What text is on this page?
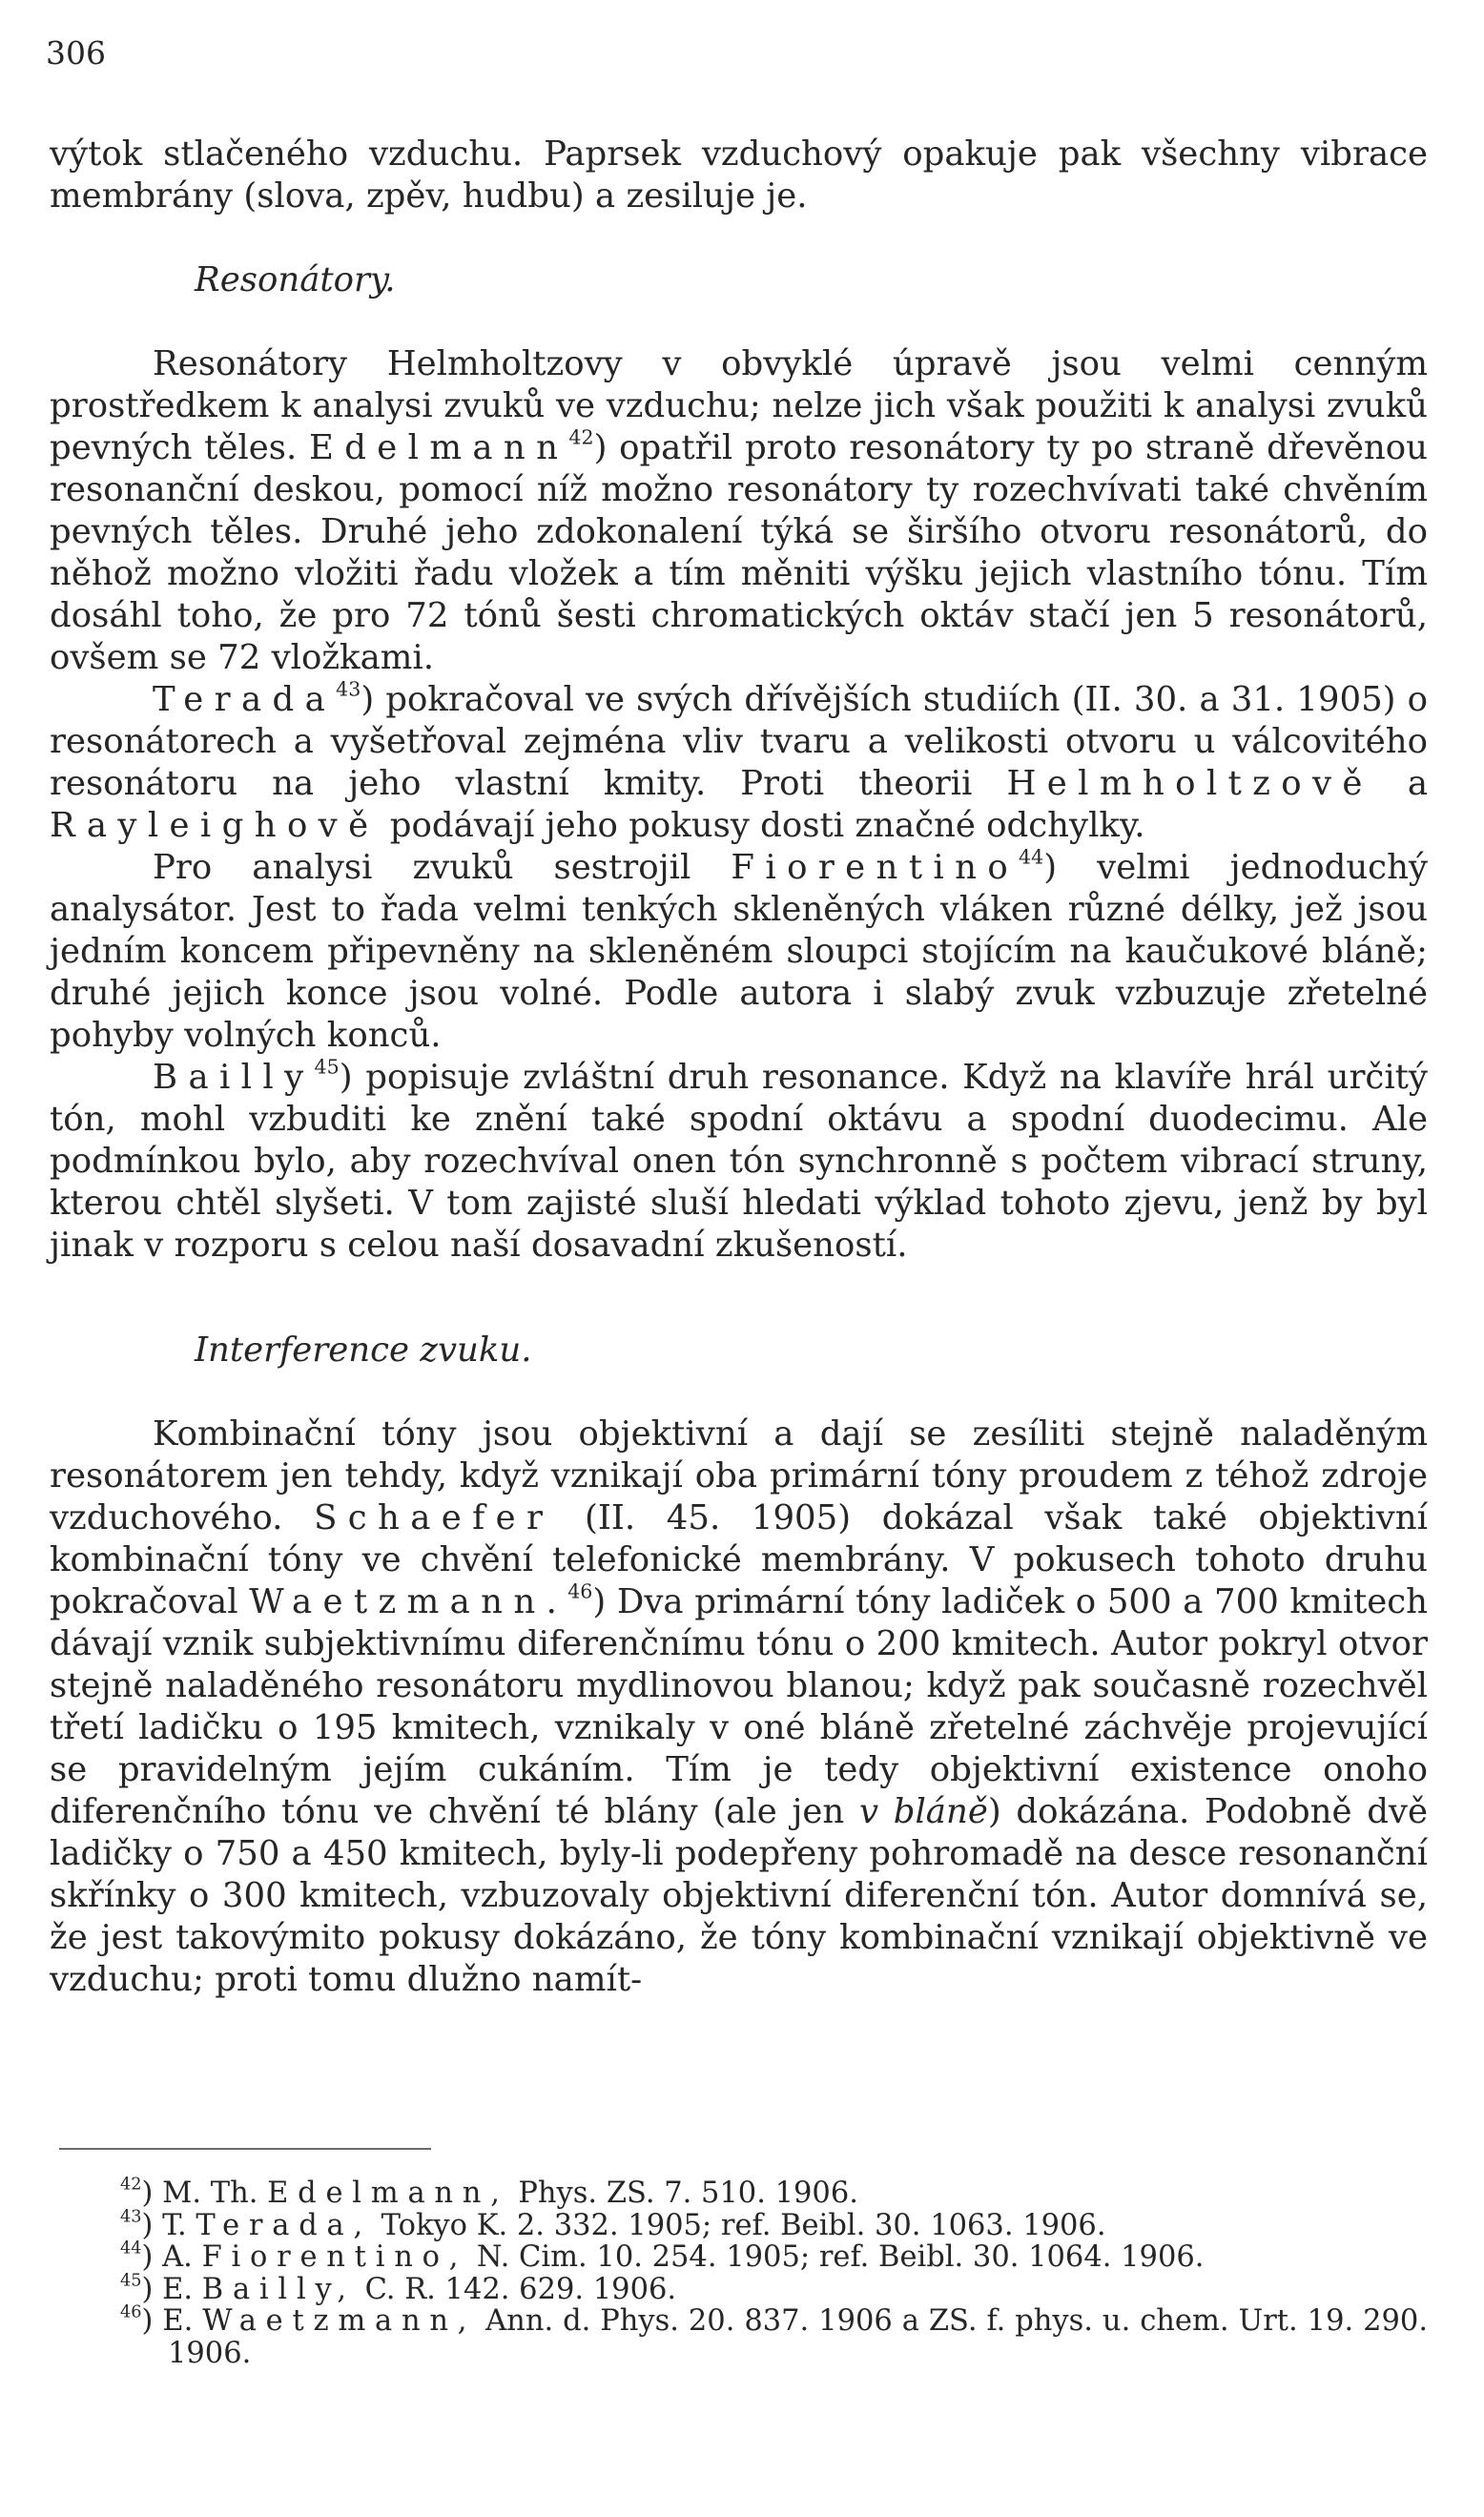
306

výtok stlačeného vzduchu. Paprsek vzduchový opakuje pak všechny vibrace membrány (slova, zpěv, hudbu) a zesiluje je.

Resonátory.

Resonátory Helmholtzovy v obvyklé úpravě jsou velmi cenným prostředkem k analysi zvuků ve vzduchu; nelze jich však použiti k analysi zvuků pevných těles. Edelmann$^{42}$) opatřil proto resonátory ty po straně dřevěnou resonanční deskou, pomocí níž možno resonátory ty rozechvívati také chvěním pevných těles. Druhé jeho zdokonalení týká se širšího otvoru resonátorů, do něhož možno vložiti řadu vložek a tím měniti výšku jejich vlastního tónu. Tím dosáhl toho, že pro 72 tónů šesti chromatických oktáv stačí jen 5 resonátorů, ovšem se 72 vložkami.

Terada$^{43}$) pokračoval ve svých dřívějších studiích (II. 30. a 31. 1905) o resonátorech a vyšetřoval zejména vliv tvaru a velikosti otvoru u válcovitého resonátoru na jeho vlastní kmity. Proti theorii Helmholtzově a Rayleighově podávají jeho pokusy dosti značné odchylky.

Pro analysi zvuků sestrojil Fiorentino$^{44}$) velmi jednoduchý analysátor. Jest to řada velmi tenkých skleněných vláken různé délky, jež jsou jedním koncem připevněny na skleněném sloupci stojícím na kaučukové bláně; druhé jejich konce jsou volné. Podle autora i slabý zvuk vzbuzuje zřetelné pohyby volných konců.

Bailly$^{45}$) popisuje zvláštní druh resonance. Když na klavíře hrál určitý tón, mohl vzbuditi ke znění také spodní oktávu a spodní duodecimu. Ale podmínkou bylo, aby rozechvíval onen tón synchronně s počtem vibrací struny, kterou chtěl slyšeti. V tom zajisté sluší hledati výklad tohoto zjevu, jenž by byl jinak v rozporu s celou naší dosavadní zkušeností.

Interference zvuku.

Kombinační tóny jsou objektivní a dají se zesíliti stejně naladěným resonátorem jen tehdy, když vznikají oba primární tóny proudem z téhož zdroje vzduchového. Schaefer (II. 45. 1905) dokázal však také objektivní kombinační tóny ve chvění telefonické membrány. V pokusech tohoto druhu pokračoval Waetzmann.$^{46}$) Dva primární tóny ladiček o 500 a 700 kmitech dávají vznik subjektivnímu diferenčnímu tónu o 200 kmitech. Autor pokryl otvor stejně naladěného resonátoru mydlinovou blanou; když pak současně rozechvěl třetí ladičku o 195 kmitech, vznikaly v oné bláně zřetelné záchvěje projevující se pravidelným jejím cukáním. Tím je tedy objektivní existence onoho diferenčního tónu ve chvění té blány (ale jen v bláně) dokázána. Podobně dvě ladičky o 750 a 450 kmitech, byly-li podepřeny pohromadě na desce resonanční skřínky o 300 kmitech, vzbuzovaly objektivní diferenční tón. Autor domnívá se, že jest takovýmito pokusy dokázáno, že tóny kombinační vznikají objektivně ve vzduchu; proti tomu dlužno namít-

$^{42}$) M. Th. Edelmann, Phys. ZS. 7. 510. 1906.

$^{43}$) T. Terada, Tokyo K. 2. 332. 1905; ref. Beibl. 30. 1063. 1906.

$^{44}$) A. Fiorentino, N. Cim. 10. 254. 1905; ref. Beibl. 30. 1064. 1906.

$^{45}$) E. Bailly, C. R. 142. 629. 1906.

$^{46}$) E. Waetzmann, Ann. d. Phys. 20. 837. 1906 a ZS. f. phys. u. chem. Urt. 19. 290. 1906.
